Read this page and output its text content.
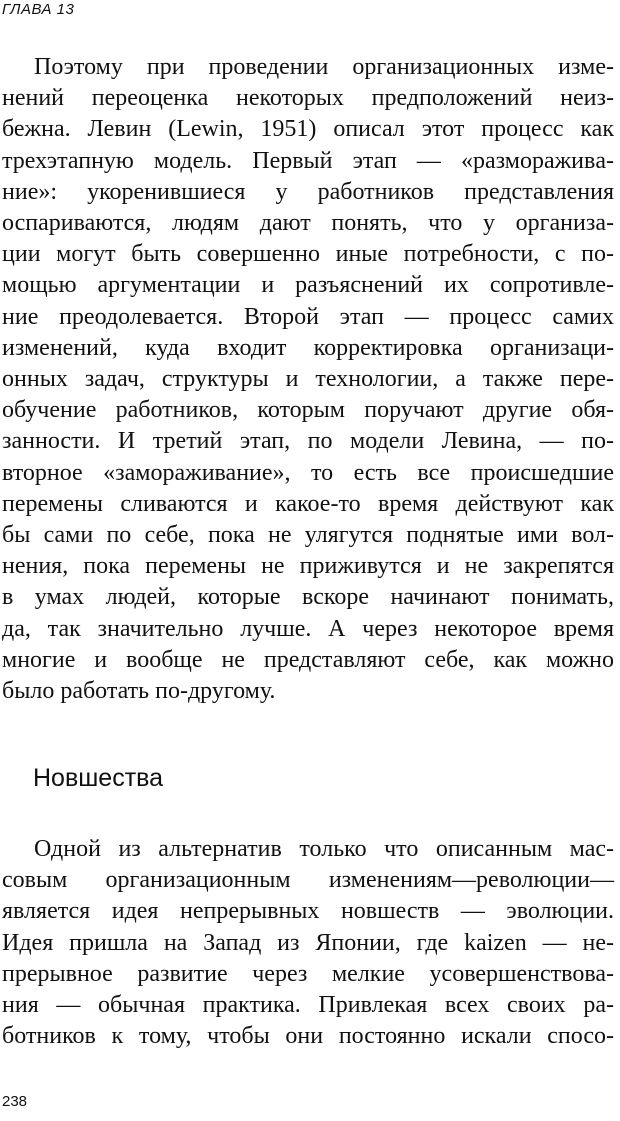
ГЛАВА 13

Поэтому при проведении организационных изме-
нений переоценка некоторых предположений неиз-
бежна. Левин (Lewin, 1951) описал этот процесс как
трехэтапную модель. Первый этап — «размораживa-
ние»: укоренившиеся у работников представления
оспариваются, людям дают понять, что у организа-
ции могут быть совершенно иные потребности, с по-
мощью аргументации и разъяснений их сопротивле-
ние преодолевается. Второй этап — процесс самих
изменений, куда входит корректировка организаци-
онных задач, структуры и технологии, а также пере-
обучение работников, которым поручают другие обя-
занности. И третий этап, по модели Левина, — по-
вторное «замораживание», то есть все происшедшие
перемены сливаются и какое-то время действуют как
бы сами по себе, пока не улягутся поднятые ими вол-
нения, пока перемены не приживутся и не закрепятся
в умах людей, которые вскоре начинают понимать,
да, так значительно лучше. А через некоторое время
многие и вообще не представляют себе, как можно
было работать по-другому.
Новшества
Одной из альтернатив только что описанным мас-
совым организационным изменениям—революции—
является идея непрерывных новшеств — эволюции.
Идея пришла на Запад из Японии, где kaizen — не-
прерывное развитие через мелкие усовершенствова-
ния — обычная практика. Привлекая всех своих ра-
ботников к тому, чтобы они постоянно искали спосо-

238
